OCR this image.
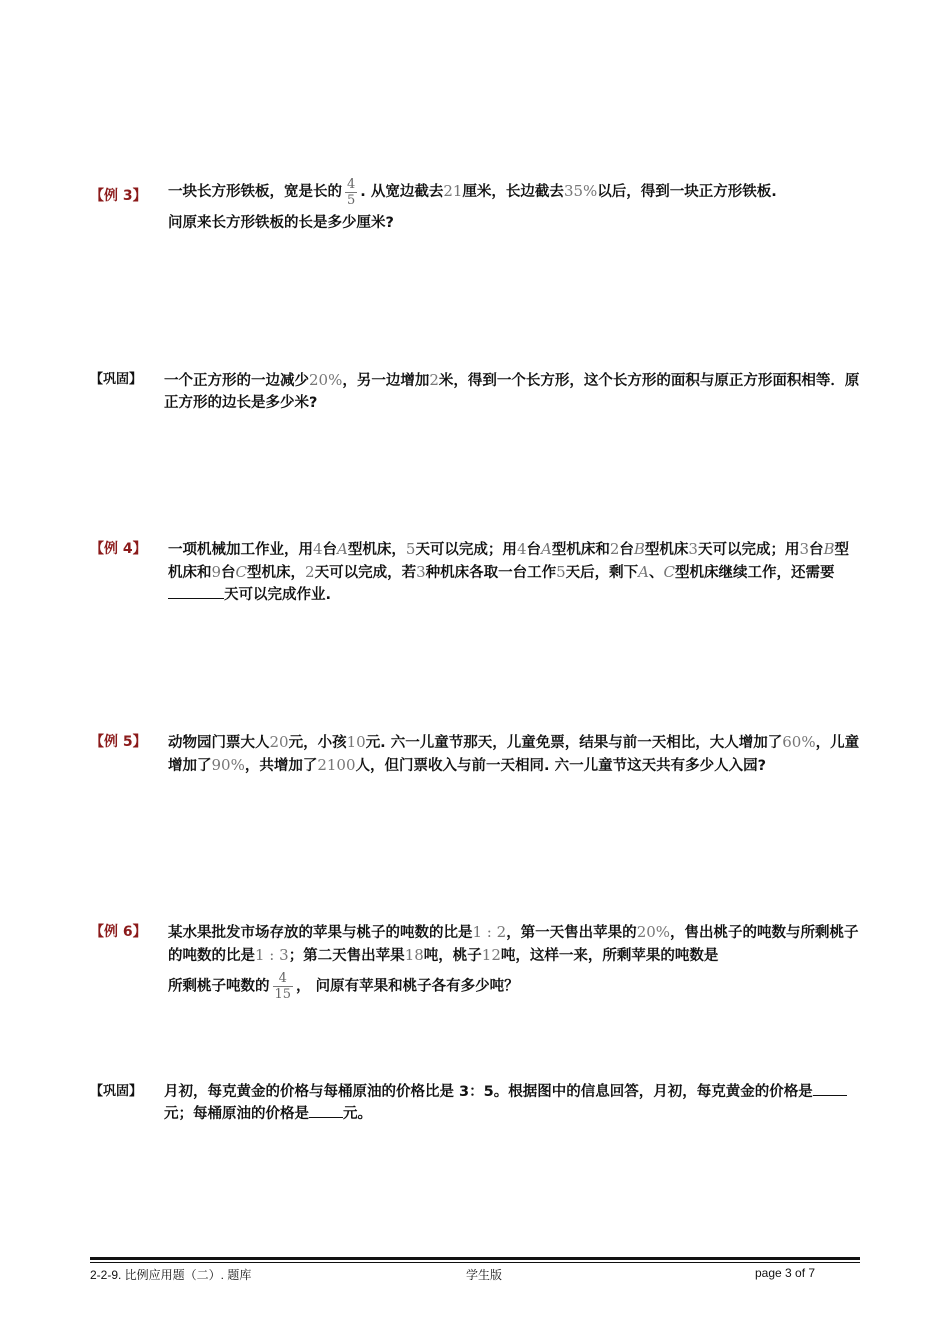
【例 3】 一块长方形铁板，宽是长的 $\frac{4}{5}$ . 从宽边截去21厘米，长边截去35%以后，得到一块正方形铁板.
问原来长方形铁板的长是多少厘米?
【巩固】 一个正方形的一边减少20%，另一边增加2米，得到一个长方形，这个长方形的面积与原正方形面积相等．原正方形的边长是多少米?
【例 4】 一项机械加工作业，用4台A型机床，5天可以完成；用4台A型机床和2台B型机床3天可以完成；用3台B型机床和9台C型机床，2天可以完成，若3种机床各取一台工作5天后，剩下A、C型机床继续工作，还需要天可以完成作业.
【例 5】 动物园门票大人20元，小孩10元. 六一儿童节那天，儿童免票，结果与前一天相比，大人增加了60%，儿童增加了90%，共增加了2100人，但门票收入与前一天相同. 六一儿童节这天共有多少人入园?
【例 6】 某水果批发市场存放的苹果与桃子的吨数的比是1 : 2，第一天售出苹果的20%，售出桃子的吨数与所剩桃子的吨数的比是1 : 3；第二天售出苹果18吨，桃子12吨，这样一来，所剩苹果的吨数是
所剩桃子吨数的 $\frac{4}{15}$ ， 问原有苹果和桃子各有多少吨？
【巩固】 月初，每克黄金的价格与每桶原油的价格比是 3：5。根据图中的信息回答，月初，每克黄金的价格是元；每桶原油的价格是 元。
2-2-9. 比例应用题（二）. 题库	学生版	page 3 of 7
